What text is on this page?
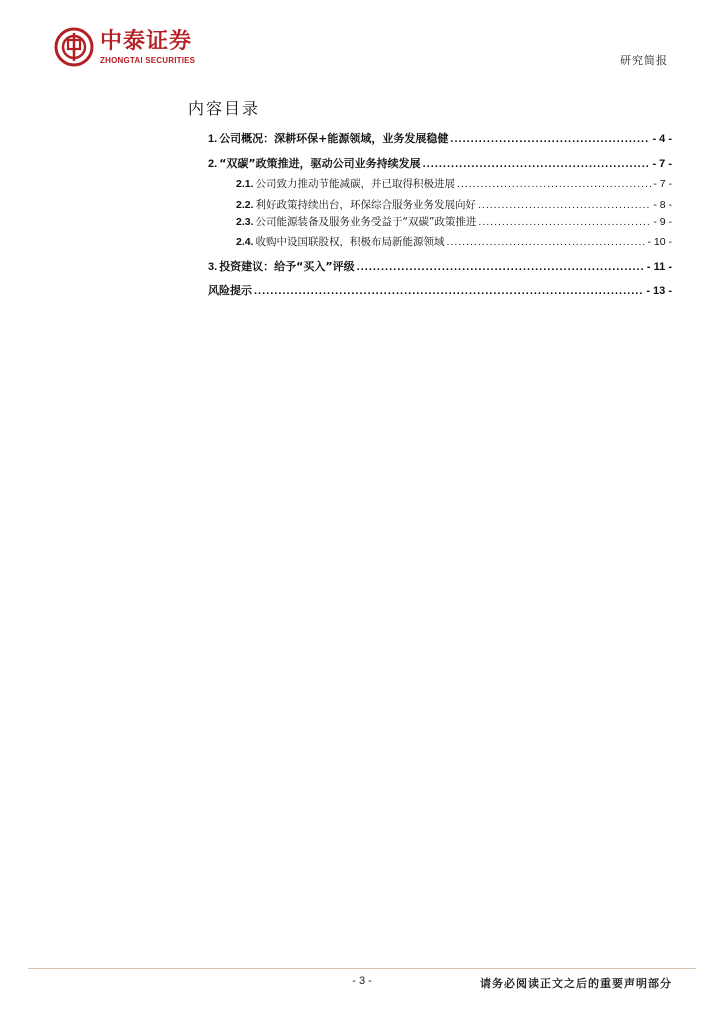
中泰证券
ZHONGTAI SECURITIES	研究简报
内容目录
1. 公司概况：深耕环保+能源领域，业务发展稳健 .....	- 4 -
2. “双碳”政策推进，驱动公司业务持续发展 .....	- 7 -
2.1. 公司致力推动节能减碳，并已取得积极进展 .....	- 7 -
2.2. 利好政策持续出台，环保综合服务业务发展向好 .....	- 8 -
2.3. 公司能源装备及服务业务受益于“双碳”政策推进 .....	- 9 -
2.4. 收购中设国联股权，积极布局新能源领域 .....	- 10 -
3. 投资建议：给予“买入”评级 .....	- 11 -
风险提示 .....	- 13 -
- 3 -	请务必阅读正文之后的重要声明部分
